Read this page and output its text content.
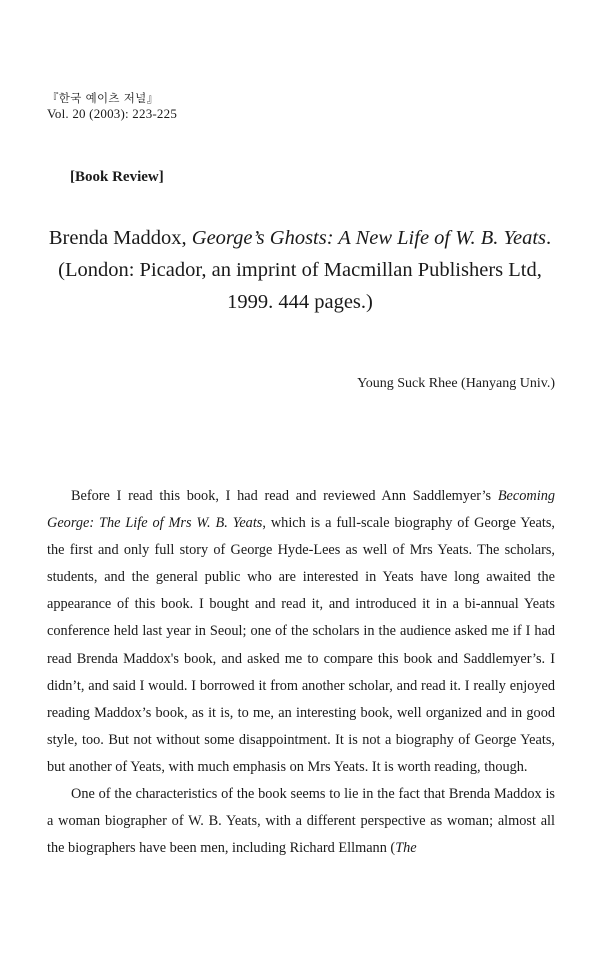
『한국 예이츠 저널』
Vol. 20 (2003): 223-225
[Book Review]
Brenda Maddox, George’s Ghosts: A New Life of W. B. Yeats.
(London: Picador, an imprint of Macmillan Publishers Ltd,
1999. 444 pages.)
Young Suck Rhee (Hanyang Univ.)

Before I read this book, I had read and reviewed Ann Saddlemyer’s Becoming George: The Life of Mrs W. B. Yeats, which is a full-scale biography of George Yeats, the first and only full story of George Hyde-Lees as well of Mrs Yeats. The scholars, students, and the general public who are interested in Yeats have long awaited the appearance of this book. I bought and read it, and introduced it in a bi-annual Yeats conference held last year in Seoul; one of the scholars in the audience asked me if I had read Brenda Maddox's book, and asked me to compare this book and Saddlemyer’s. I didn’t, and said I would. I borrowed it from another scholar, and read it. I really enjoyed reading Maddox’s book, as it is, to me, an interesting book, well organized and in good style, too. But not without some disappointment. It is not a biography of George Yeats, but another of Yeats, with much emphasis on Mrs Yeats. It is worth reading, though.

One of the characteristics of the book seems to lie in the fact that Brenda Maddox is a woman biographer of W. B. Yeats, with a different perspective as woman; almost all the biographers have been men, including Richard Ellmann (The
